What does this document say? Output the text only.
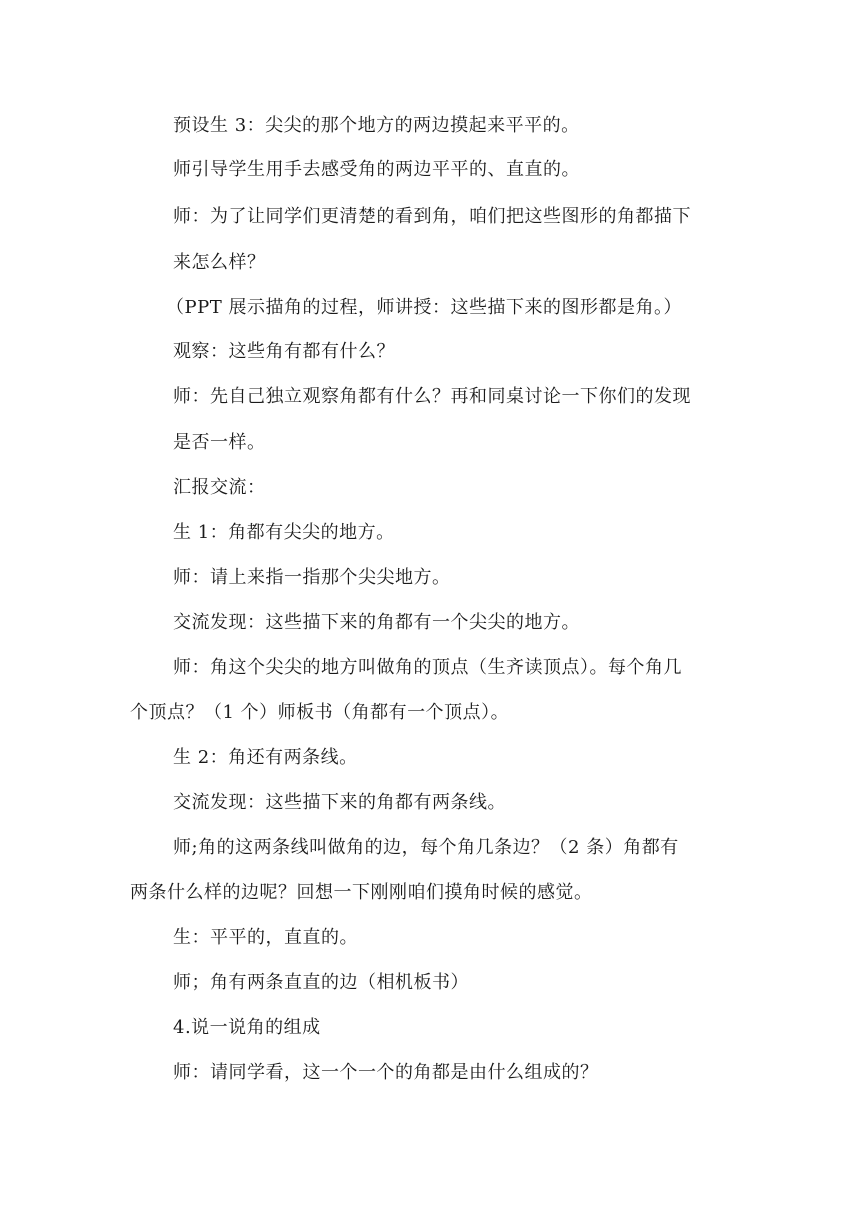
预设生 3：尖尖的那个地方的两边摸起来平平的。
师引导学生用手去感受角的两边平平的、直直的。
师：为了让同学们更清楚的看到角，咱们把这些图形的角都描下
来怎么样？
（PPT 展示描角的过程，师讲授：这些描下来的图形都是角。）
观察：这些角有都有什么？
师：先自己独立观察角都有什么？再和同桌讨论一下你们的发现
是否一样。
汇报交流：
生 1：角都有尖尖的地方。
师：请上来指一指那个尖尖地方。
交流发现：这些描下来的角都有一个尖尖的地方。
师：角这个尖尖的地方叫做角的顶点（生齐读顶点）。每个角几
个顶点？（1 个）师板书（角都有一个顶点）。
生 2：角还有两条线。
交流发现：这些描下来的角都有两条线。
师;角的这两条线叫做角的边，每个角几条边？（2 条）角都有
两条什么样的边呢？回想一下刚刚咱们摸角时候的感觉。
生：平平的，直直的。
师；角有两条直直的边（相机板书）
4.说一说角的组成
师：请同学看，这一个一个的角都是由什么组成的？
